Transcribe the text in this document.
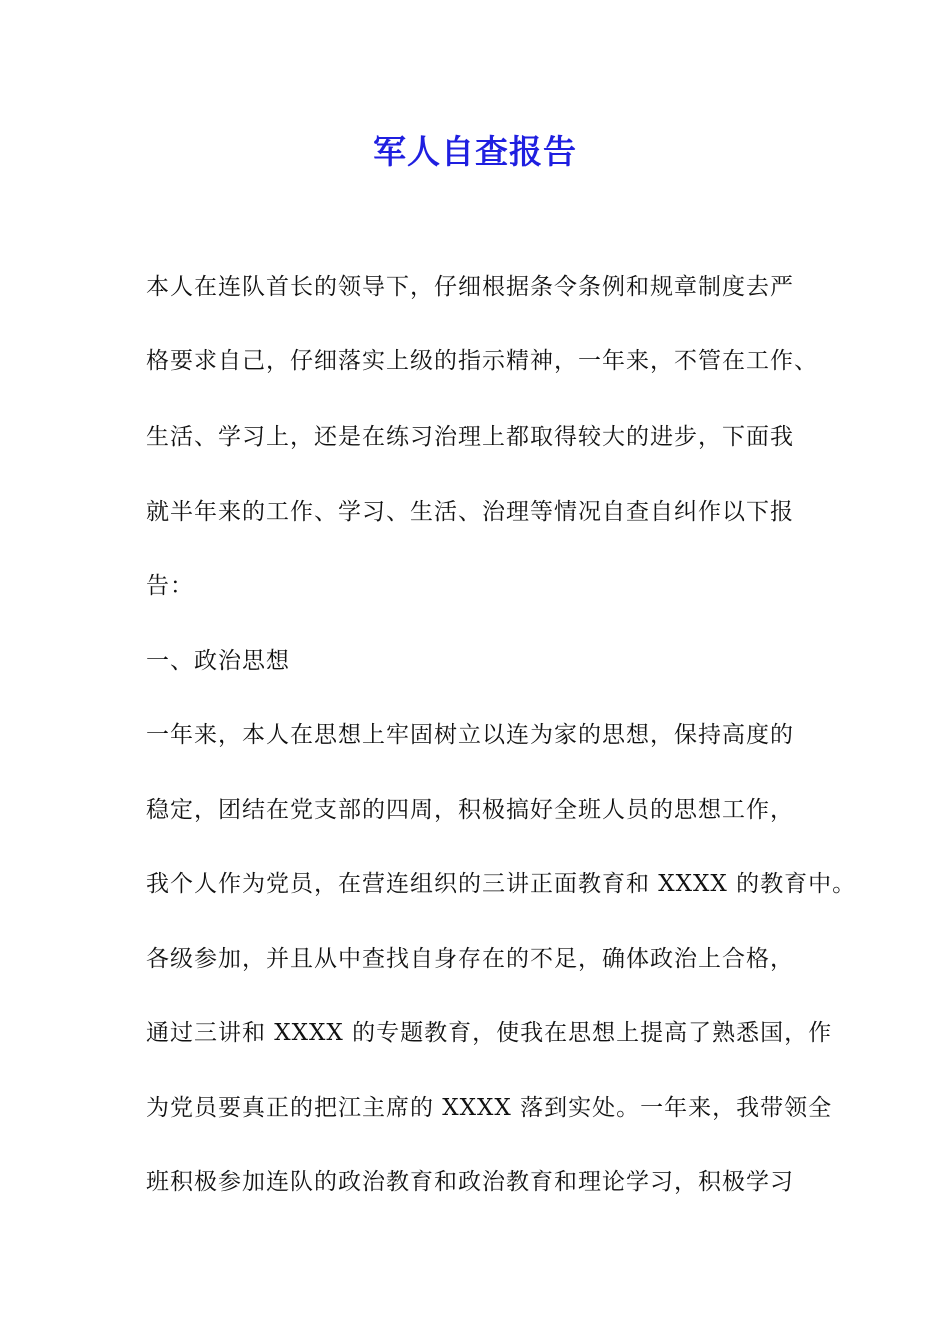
军人自查报告
本人在连队首长的领导下，仔细根据条令条例和规章制度去严
格要求自己，仔细落实上级的指示精神，一年来，不管在工作、
生活、学习上，还是在练习治理上都取得较大的进步，下面我
就半年来的工作、学习、生活、治理等情况自查自纠作以下报
告：
一、政治思想
一年来，本人在思想上牢固树立以连为家的思想，保持高度的
稳定，团结在党支部的四周，积极搞好全班人员的思想工作，
我个人作为党员，在营连组织的三讲正面教育和 XXXX 的教育中。
各级参加，并且从中查找自身存在的不足，确体政治上合格，
通过三讲和 XXXX 的专题教育，使我在思想上提高了熟悉国，作
为党员要真正的把江主席的 XXXX 落到实处。一年来，我带领全
班积极参加连队的政治教育和政治教育和理论学习，积极学习
